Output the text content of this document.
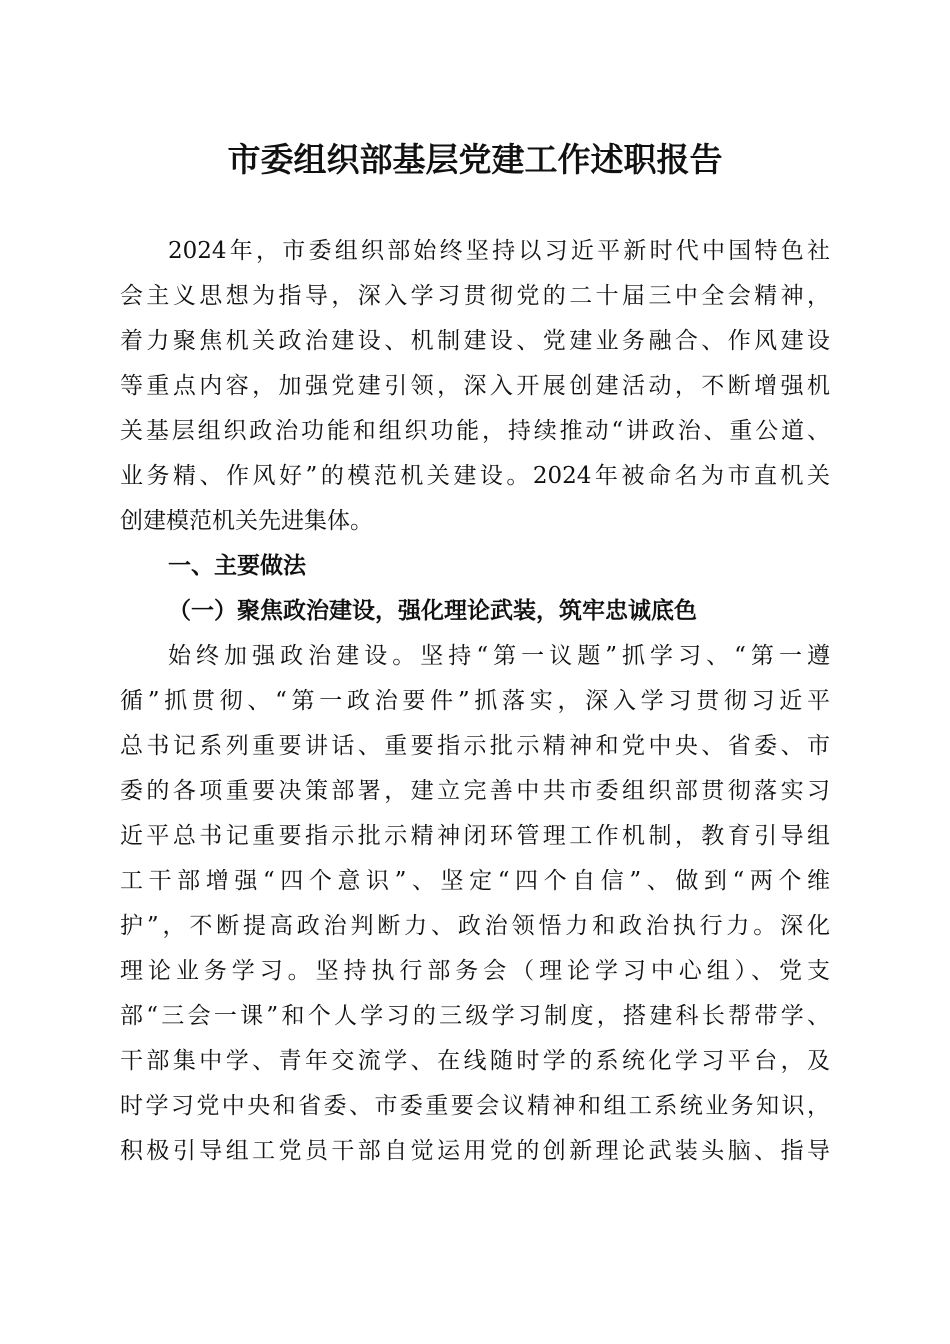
市委组织部基层党建工作述职报告

2024年，市委组织部始终坚持以习近平新时代中国特色社

会主义思想为指导，深入学习贯彻党的二十届三中全会精神，

着力聚焦机关政治建设、机制建设、党建业务融合、作风建设

等重点内容，加强党建引领，深入开展创建活动，不断增强机

关基层组织政治功能和组织功能，持续推动“讲政治、重公道、

业务精、作风好”的模范机关建设。2024年被命名为市直机关

创建模范机关先进集体。

一、主要做法
（一）聚焦政治建设，强化理论武装，筑牢忠诚底色

始终加强政治建设。坚持“第一议题”抓学习、“第一遵

循”抓贯彻、“第一政治要件”抓落实，深入学习贯彻习近平

总书记系列重要讲话、重要指示批示精神和党中央、省委、市

委的各项重要决策部署，建立完善中共市委组织部贯彻落实习

近平总书记重要指示批示精神闭环管理工作机制，教育引导组

工干部增强“四个意识”、坚定“四个自信”、做到“两个维

护”，不断提高政治判断力、政治领悟力和政治执行力。深化

理论业务学习。坚持执行部务会（理论学习中心组）、党支

部“三会一课”和个人学习的三级学习制度，搭建科长帮带学、

干部集中学、青年交流学、在线随时学的系统化学习平台，及

时学习党中央和省委、市委重要会议精神和组工系统业务知识，

积极引导组工党员干部自觉运用党的创新理论武装头脑、指导
